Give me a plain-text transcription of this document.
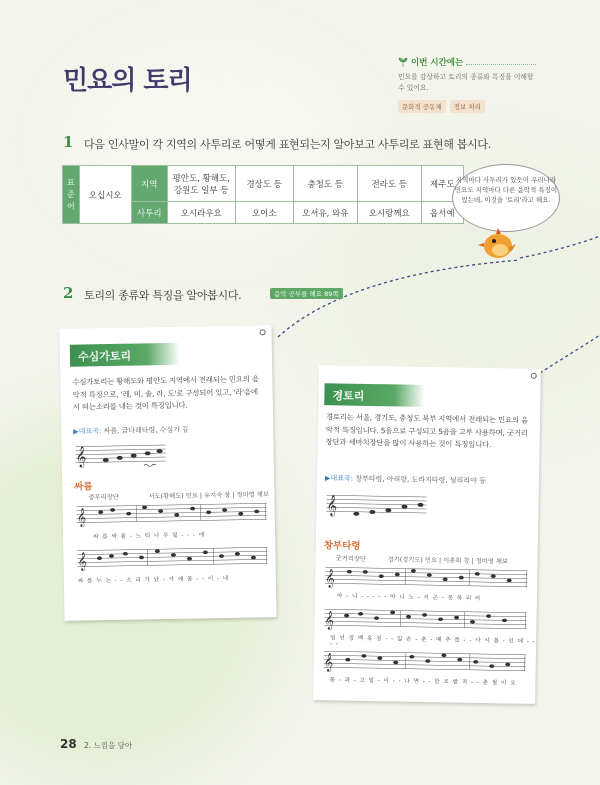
민요의 토리
이번 시간에는
민요를 감상하고 토리의 종류와 특징을 이해할 수 있어요.
문화적 공동체	정보 처리
1 다음 인사말이 각 지역의 사투리로 어떻게 표현되는지 알아보고 사투리로 표현해 봅시다.
표
준
어	오십시오	지역	평안도, 황해도, 강원도 일부 등	경상도 등	충청도 등	전라도 등	제주도
		사투리	오시라우요	오이소	오셔유, 와유	오시랑께요	옵서예
지역마다 사투리가 있듯이 우리나라 민요도 지역마다 다른 음악적 특징이 있는데, 이것을 '토리'라고 해요.
2 토리의 종류와 특징을 알아봅시다.	음악 공부를 해요 89쪽
수심가토리
수심가토리는 황해도와 평안도 지역에서 전래되는 민요의 음악적 특징으로, '레, 미, 솔, 라, 도'로 구성되어 있고, '라'음에서 떠는소리를 내는 것이 특징입니다.
▶대표곡: 싸름, 금다래타령, 수심가 등
𝄞
싸름
중무리장단	서도(황해도) 민요 | 유지숙 창 | 정미영 채보
𝄞
싸 름 싸 름 - 느 티 나 무 밑 - - - 에
𝄞
싸 름 누 는 - - 소 리 가 났 - 가 예 좀 - - 이 - 네
경토리
경토리는 서울, 경기도, 충청도 북부 지역에서 전래되는 민요의 음악적 특징입니다. 5음으로 구성되고 5음을 고루 사용하며, 굿거리장단과 세마치장단을 많이 사용하는 것이 특징입니다.
▶대표곡: 창부타령, 아리랑, 도라지타령, 늴리리야 등
𝄞
창부타령
굿거리장단	경기(경기도) 민요 | 이춘희 창 | 정미영 채보
𝄞
아 - 니 - - - - - 아 니 노 - 지 곤 - 못 하 리 라
𝄞
얼 넌 정 백 옥 설 - - 일 손 - 춘 - 때 추 를 - - 사 시 봄 - 인 데 - - - -
𝄞
꽃 - 과 - 고 밑 - 이 - - 나 면 - - 한 조 밭 적 - - 춘 절 이 요
28 2. 느낌을 담아
